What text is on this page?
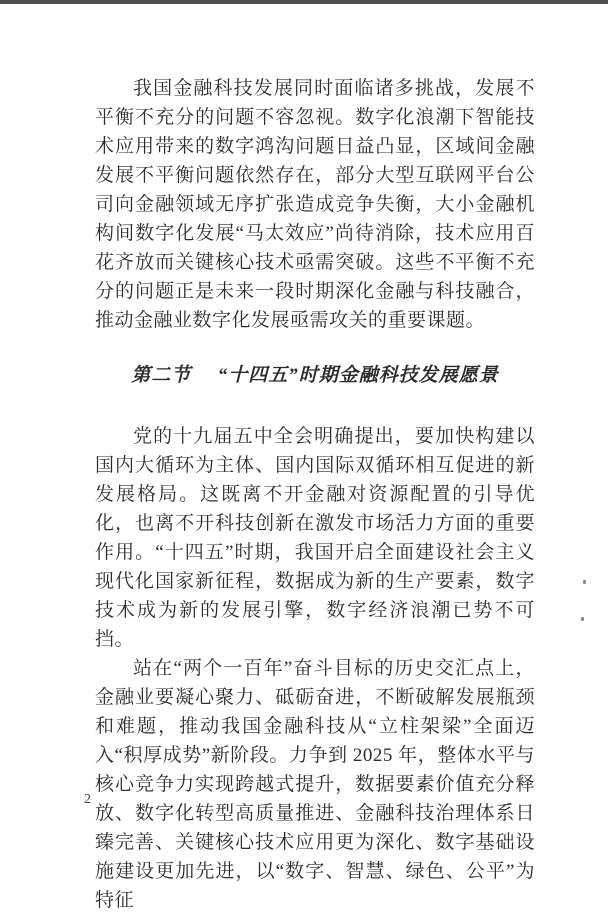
我国金融科技发展同时面临诸多挑战，发展不平衡不充分的问题不容忽视。数字化浪潮下智能技术应用带来的数字鸿沟问题日益凸显，区域间金融发展不平衡问题依然存在，部分大型互联网平台公司向金融领域无序扩张造成竞争失衡，大小金融机构间数字化发展“马太效应”尚待消除，技术应用百花齐放而关键核心技术亟需突破。这些不平衡不充分的问题正是未来一段时期深化金融与科技融合，推动金融业数字化发展亟需攻关的重要课题。

第二节 “十四五”时期金融科技发展愿景

党的十九届五中全会明确提出，要加快构建以国内大循环为主体、国内国际双循环相互促进的新发展格局。这既离不开金融对资源配置的引导优化，也离不开科技创新在激发市场活力方面的重要作用。“十四五”时期，我国开启全面建设社会主义现代化国家新征程，数据成为新的生产要素，数字技术成为新的发展引擎，数字经济浪潮已势不可挡。

站在“两个一百年”奋斗目标的历史交汇点上，金融业要凝心聚力、砥砺奋进，不断破解发展瓶颈和难题，推动我国金融科技从“立柱架梁”全面迈入“积厚成势”新阶段。力争到 2025 年，整体水平与核心竞争力实现跨越式提升，数据要素价值充分释放、数字化转型高质量推进、金融科技治理体系日臻完善、关键核心技术应用更为深化、数字基础设施建设更加先进，以“数字、智慧、绿色、公平”为特征

2
